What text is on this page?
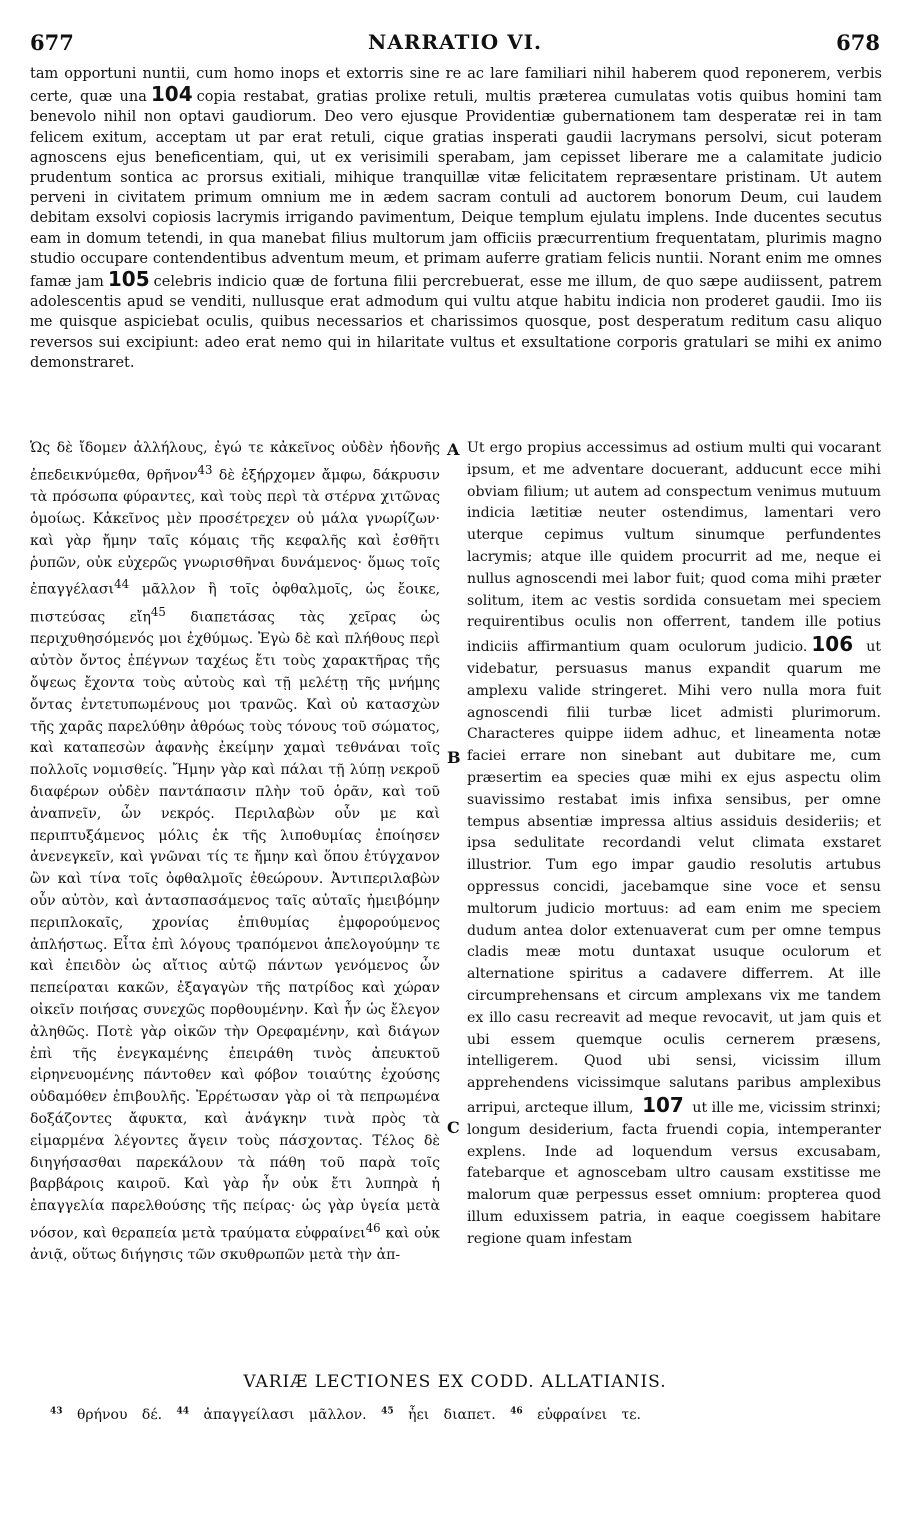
677	NARRATIO VI.	678

tam opportuni nuntii, cum homo inops et extorris sine re ac lare familiari nihil haberem quod reponerem, verbis certe, quæ una 104 copia restabat, gratias prolixe retuli, multis præterea cumulatas votis quibus homini tam benevolo nihil non optavi gaudiorum. Deo vero ejusque Providentiæ gubernationem tam desperatæ rei in tam felicem exitum, acceptam ut par erat retuli, cique gratias insperati gaudii lacrymans persolvi, sicut poteram agnoscens ejus beneficentiam, qui, ut ex verisimili sperabam, jam cepisset liberare me a calamitate judicio prudentum sontica ac prorsus exitiali, mihique tranquillæ vitæ felicitatem repræsentare pristinam. Ut autem perveni in civitatem primum omnium me in ædem sacram contuli ad auctorem bonorum Deum, cui laudem debitam exsolvi copiosis lacrymis irrigando pavimentum, Deique templum ejulatu implens. Inde ducentes secutus eam in domum tetendi, in qua manebat filius multorum jam officiis præcurrentium frequentatam, plurimis magno studio occupare contendentibus adventum meum, et primam auferre gratiam felicis nuntii. Norant enim me omnes famæ jam 105 celebris indicio quæ de fortuna filii percrebuerat, esse me illum, de quo sæpe audiissent, patrem adolescentis apud se venditi, nullusque erat admodum qui vultu atque habitu indicia non proderet gaudii. Imo iis me quisque aspiciebat oculis, quibus necessarios et charissimos quosque, post desperatum reditum casu aliquo reversos sui excipiunt: adeo erat nemo qui in hilaritate vultus et exsultatione corporis gratulari se mihi ex animo demonstraret.

Ὡς δὲ ἴδομεν ἀλλήλους, ἐγώ τε κἀκεῖνος οὐδὲν ἠδονῆς ἐπεδεικνύμεθα, θρῆνον$^{43}$ δὲ ἐξήρχομεν ἄμφω, δάκρυσιν τὰ πρόσωπα φύραντες, καὶ τοὺς περὶ τὰ στέρνα χιτῶνας ὁμοίως. Κἀκεῖνος μὲν προσέτρεχεν οὐ μάλα γνωρίζων· καὶ γὰρ ἤμην ταῖς κόμαις τῆς κεφαλῆς καὶ ἐσθῆτι ῥυπῶν, οὐκ εὐχερῶς γνωρισθῆναι δυνάμενος· ὅμως τοῖς ἐπαγγέλασι$^{44}$ μᾶλλον ἢ τοῖς ὀφθαλμοῖς, ὡς ἔοικε, πιστεύσας εἴη$^{45}$ διαπετάσας τὰς χεῖρας ὡς περιχυθησόμενός μοι ἐχθύμως. Ἐγὼ δὲ καὶ πλήθους περὶ αὐτὸν ὄντος ἐπέγνων ταχέως ἔτι τοὺς χαρακτῆρας τῆς ὄψεως ἔχοντα τοὺς αὐτοὺς καὶ τῇ μελέτῃ τῆς μνήμης ὄντας ἐντετυπωμένους μοι τρανῶς. Καὶ οὐ κατασχὼν τῆς χαρᾶς παρελύθην ἀθρόως τοὺς τόνους τοῦ σώματος, καὶ καταπεσὼν ἀφανὴς ἐκείμην χαμαὶ τεθνάναι τοῖς πολλοῖς νομισθείς. Ἤμην γὰρ καὶ πάλαι τῇ λύπῃ νεκροῦ διαφέρων οὐδὲν παντάπασιν πλὴν τοῦ ὁρᾶν, καὶ τοῦ ἀναπνεῖν, ὧν νεκρός. Περιλαβὼν οὖν με καὶ περιπτυξάμενος μόλις ἐκ τῆς λιποθυμίας ἐποίησεν ἀνενεγκεῖν, καὶ γνῶναι τίς τε ἤμην καὶ ὅπου ἐτύγχανον ὢν καὶ τίνα τοῖς ὀφθαλμοῖς ἐθεώρουν. Ἀντιπεριλαβὼν οὖν αὐτὸν, καὶ ἀντασπασάμενος ταῖς αὐταῖς ἠμειβόμην περιπλοκαῖς, χρονίας ἐπιθυμίας ἐμφορούμενος ἀπλήστως. Εἶτα ἐπὶ λόγους τραπόμενοι ἀπελογούμην τε καὶ ἐπειδὸν ὡς αἴτιος αὐτῷ πάντων γενόμενος ὧν πεπείραται κακῶν, ἐξαγαγὼν τῆς πατρίδος καὶ χώραν οἰκεῖν ποιήσας συνεχῶς πορθουμένην. Καὶ ἦν ὡς ἔλεγον ἀληθῶς. Ποτὲ γὰρ οἰκῶν τὴν Ορεφαμένην, καὶ διάγων ἐπὶ τῆς ἐνεγκαμένης ἐπειράθη τινὸς ἀπευκτοῦ εἰρηνευομένης πάντοθεν καὶ φόβον τοιαύτης ἐχούσης οὐδαμόθεν ἐπιβουλῆς. Ἐρρέτωσαν γὰρ οἱ τὰ πεπρωμένα δοξάζοντες ἄφυκτα, καὶ ἀνάγκην τινὰ πρὸς τὰ εἱμαρμένα λέγοντες ἄγειν τοὺς πάσχοντας. Τέλος δὲ διηγήσασθαι παρεκάλουν τὰ πάθη τοῦ παρὰ τοῖς βαρβάροις καιροῦ. Καὶ γὰρ ἦν οὐκ ἔτι λυπηρὰ ἡ ἐπαγγελία παρελθούσης τῆς πείρας· ὡς γὰρ ὑγεία μετὰ νόσον, καὶ θεραπεία μετὰ τραύματα εὐφραίνει$^{46}$ καὶ οὐκ ἀνιᾷ, οὕτως διήγησις τῶν σκυθρωπῶν μετὰ τὴν ἀπ-

A
B
C

Ut ergo propius accessimus ad ostium multi qui vocarant ipsum, et me adventare docuerant, adducunt ecce mihi obviam filium; ut autem ad conspectum venimus mutuum indicia lætitiæ neuter ostendimus, lamentari vero uterque cepimus vultum sinumque perfundentes lacrymis; atque ille quidem procurrit ad me, neque ei nullus agnoscendi mei labor fuit; quod coma mihi præter solitum, item ac vestis sordida consuetam mei speciem requirentibus oculis non offerrent, tandem ille potius indiciis affirmantium quam oculorum judicio. 106 ut videbatur, persuasus manus expandit quarum me amplexu valide stringeret. Mihi vero nulla mora fuit agnoscendi filii turbæ licet admisti plurimorum. Characteres quippe iidem adhuc, et lineamenta notæ faciei errare non sinebant aut dubitare me, cum præsertim ea species quæ mihi ex ejus aspectu olim suavissimo restabat imis infixa sensibus, per omne tempus absentiæ impressa altius assiduis desideriis; et ipsa sedulitate recordandi velut climata exstaret illustrior. Tum ego impar gaudio resolutis artubus oppressus concidi, jacebamque sine voce et sensu multorum judicio mortuus: ad eam enim me speciem dudum antea dolor extenuaverat cum per omne tempus cladis meæ motu duntaxat usuque oculorum et alternatione spiritus a cadavere differrem. At ille circumprehensans et circum amplexans vix me tandem ex illo casu recreavit ad meque revocavit, ut jam quis et ubi essem quemque oculis cernerem præsens, intelligerem. Quod ubi sensi, vicissim illum apprehendens vicissimque salutans paribus amplexibus arripui, arcteque illum, 107 ut ille me, vicissim strinxi; longum desiderium, facta fruendi copia, intemperanter explens. Inde ad loquendum versus excusabam, fatebarque et agnoscebam ultro causam exstitisse me malorum quæ perpessus esset omnium: propterea quod illum eduxissem patria, in eaque coegissem habitare regione quam infestam

VARIÆ LECTIONES EX CODD. ALLATIANIS.
$^{43}$ θρήνου δέ. $^{44}$ ἀπαγγείλασι μᾶλλον. $^{45}$ ἦει διαπετ. $^{46}$ εὐφραίνει τε.
